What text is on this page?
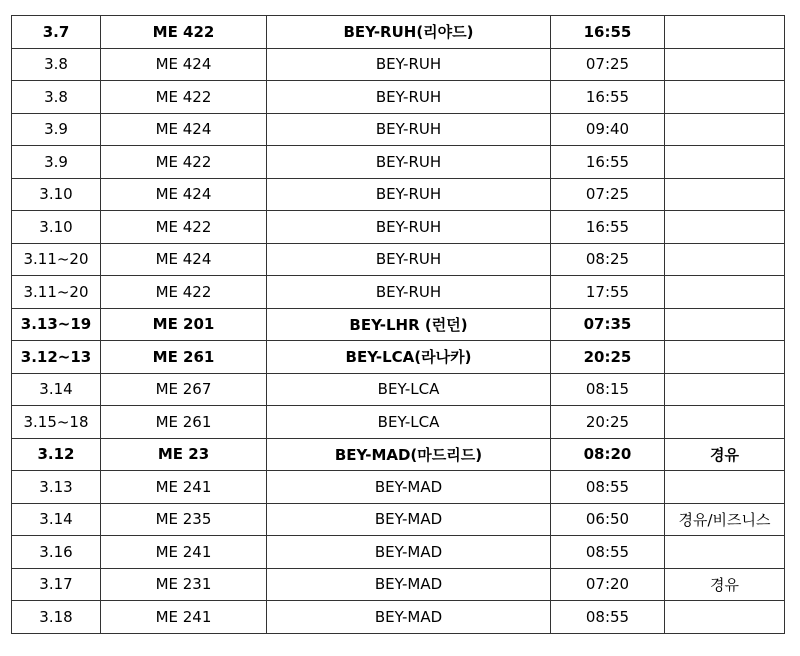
3.7	ME 422	BEY-RUH(리야드)	16:55	
3.8	ME 424	BEY-RUH	07:25	
3.8	ME 422	BEY-RUH	16:55	
3.9	ME 424	BEY-RUH	09:40	
3.9	ME 422	BEY-RUH	16:55	
3.10	ME 424	BEY-RUH	07:25	
3.10	ME 422	BEY-RUH	16:55	
3.11~20	ME 424	BEY-RUH	08:25	
3.11~20	ME 422	BEY-RUH	17:55	
3.13~19	ME 201	BEY-LHR (런던)	07:35	
3.12~13	ME 261	BEY-LCA(라나카)	20:25	
3.14	ME 267	BEY-LCA	08:15	
3.15~18	ME 261	BEY-LCA	20:25	
3.12	ME 23	BEY-MAD(마드리드)	08:20	경유
3.13	ME 241	BEY-MAD	08:55	
3.14	ME 235	BEY-MAD	06:50	경유/비즈니스
3.16	ME 241	BEY-MAD	08:55	
3.17	ME 231	BEY-MAD	07:20	경유
3.18	ME 241	BEY-MAD	08:55	
